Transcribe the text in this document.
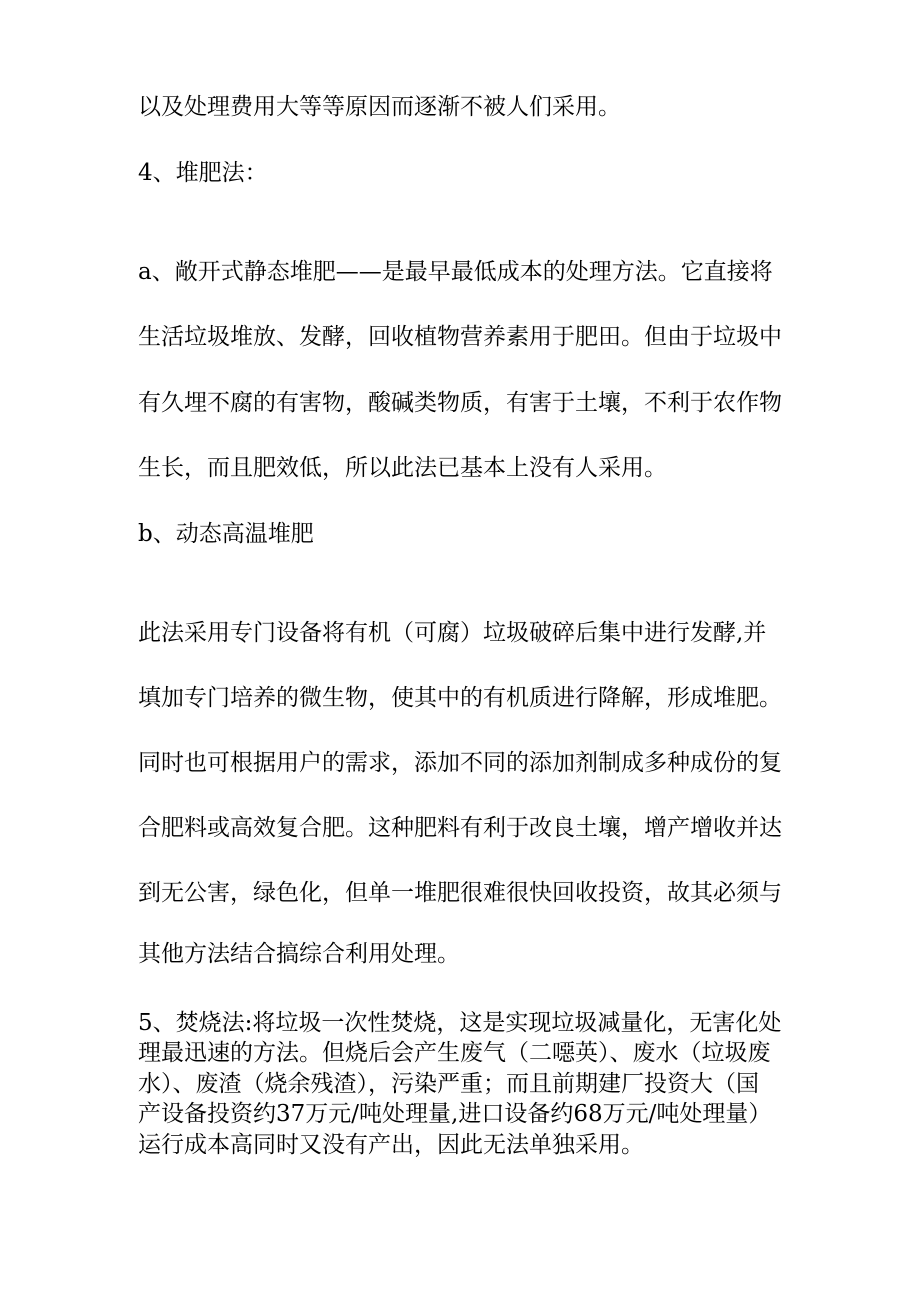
以及处理费用大等等原因而逐渐不被人们采用。
4、堆肥法：
a、敞开式静态堆肥——是最早最低成本的处理方法。它直接将
生活垃圾堆放、发酵，回收植物营养素用于肥田。但由于垃圾中
有久埋不腐的有害物，酸碱类物质，有害于土壤，不利于农作物
生长，而且肥效低，所以此法已基本上没有人采用。
b、动态高温堆肥
此法采用专门设备将有机（可腐）垃圾破碎后集中进行发酵,并
填加专门培养的微生物，使其中的有机质进行降解，形成堆肥。
同时也可根据用户的需求，添加不同的添加剂制成多种成份的复
合肥料或高效复合肥。这种肥料有利于改良土壤，增产增收并达
到无公害，绿色化，但单一堆肥很难很快回收投资，故其必须与
其他方法结合搞综合利用处理。
5、焚烧法:将垃圾一次性焚烧，这是实现垃圾减量化，无害化处
理最迅速的方法。但烧后会产生废气（二噁英）、废水（垃圾废
水）、废渣（烧余残渣），污染严重；而且前期建厂投资大（国
产设备投资约37万元/吨处理量,进口设备约68万元/吨处理量）
运行成本高同时又没有产出，因此无法单独采用。
